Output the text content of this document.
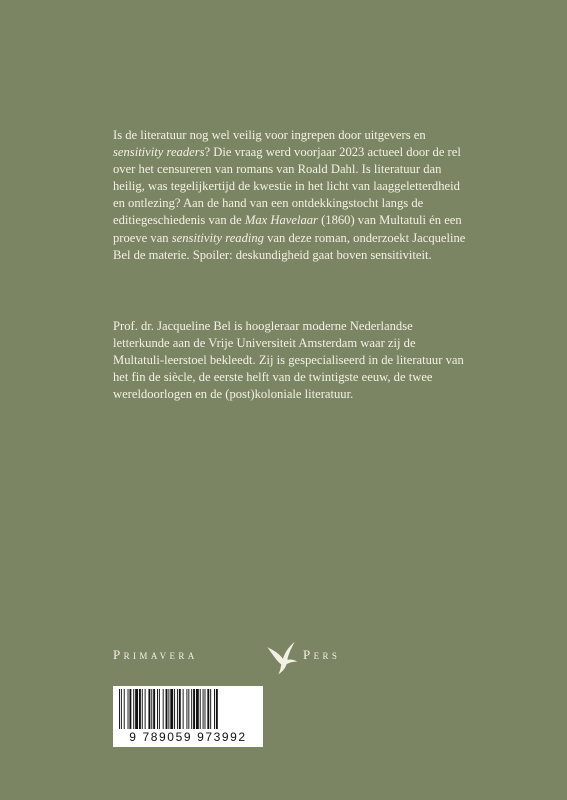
Is de literatuur nog wel veilig voor ingrepen door uitgevers en sensitivity readers? Die vraag werd voorjaar 2023 actueel door de rel over het censureren van romans van Roald Dahl. Is literatuur dan heilig, was tegelijkertijd de kwestie in het licht van laaggeletterdheid en ontlezing? Aan de hand van een ontdekkingstocht langs de editiegeschiedenis van de Max Havelaar (1860) van Multatuli én een proeve van sensitivity reading van deze roman, onderzoekt Jacqueline Bel de materie. Spoiler: deskundigheid gaat boven sensitiviteit.

Prof. dr. Jacqueline Bel is hoogleraar moderne Nederlandse letterkunde aan de Vrije Universiteit Amsterdam waar zij de Multatuli-leerstoel bekleedt. Zij is gespecialiseerd in de literatuur van het fin de siècle, de eerste helft van de twintigste eeuw, de twee wereldoorlogen en de (post)koloniale literatuur.

Primavera	Pers
9 789059 973992
